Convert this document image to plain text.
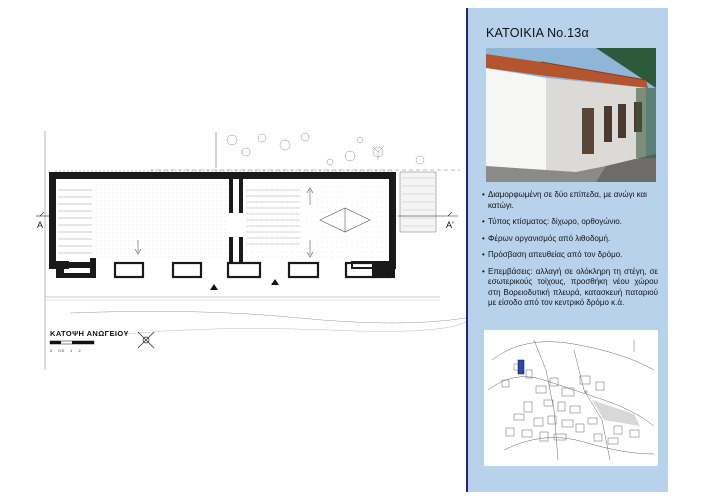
A	A'
ΚΑΤΟΨΗ ΑΝΩΓΕΙΟΥ
0 0.5 1 2
ΚΑΤΟΙΚΙΑ No.13α
• Διαμορφωμένη σε δύο επίπεδα, με ανώγι και κατώγι.
• Τύπος κτίσματος: δίχωρο, ορθογώνιο.
• Φέρων οργανισμός από λιθοδομή.
• Πρόσβαση απευθείας από τον δρόμο.
• Επεμβάσεις: αλλαγή σε ολόκληρη τη στέγη, σε εσωτερικούς τοίχους, προσθήκη νέου χώρου στη Βορειοδυτική πλευρά, κατασκευή παταριού με είσοδο από τον κεντρικό δρόμο κ.ά.
